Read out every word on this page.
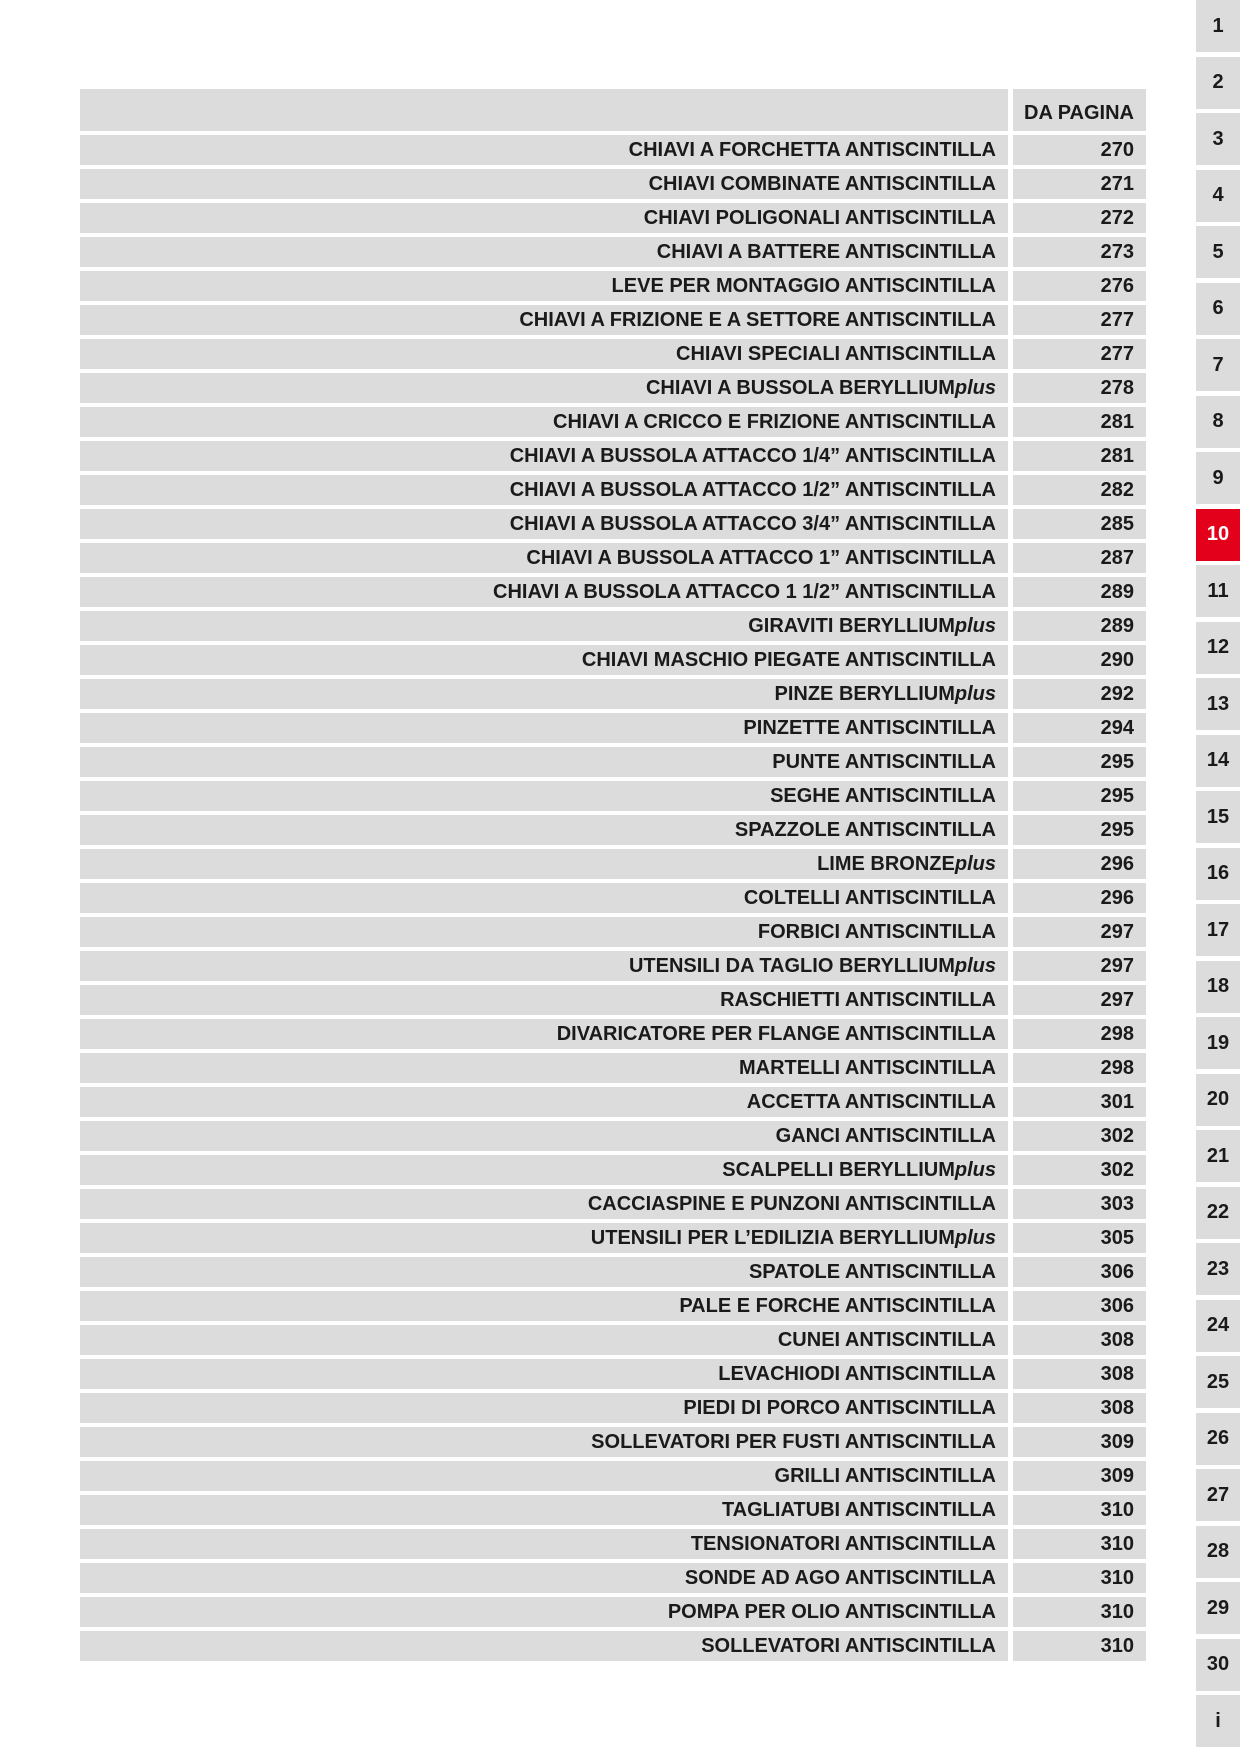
DA PAGINA
CHIAVI A FORCHETTA ANTISCINTILLA	270
CHIAVI COMBINATE ANTISCINTILLA	271
CHIAVI POLIGONALI ANTISCINTILLA	272
CHIAVI A BATTERE ANTISCINTILLA	273
LEVE PER MONTAGGIO ANTISCINTILLA	276
CHIAVI A FRIZIONE E A SETTORE ANTISCINTILLA	277
CHIAVI SPECIALI ANTISCINTILLA	277
CHIAVI A BUSSOLA BERYLLIUM plus	278
CHIAVI A CRICCO E FRIZIONE ANTISCINTILLA	281
CHIAVI A BUSSOLA ATTACCO 1/4” ANTISCINTILLA	281
CHIAVI A BUSSOLA ATTACCO 1/2” ANTISCINTILLA	282
CHIAVI A BUSSOLA ATTACCO 3/4” ANTISCINTILLA	285
CHIAVI A BUSSOLA ATTACCO 1” ANTISCINTILLA	287
CHIAVI A BUSSOLA ATTACCO 1 1/2” ANTISCINTILLA	289
GIRAVITI BERYLLIUM plus	289
CHIAVI MASCHIO PIEGATE ANTISCINTILLA	290
PINZE BERYLLIUM plus	292
PINZETTE ANTISCINTILLA	294
PUNTE ANTISCINTILLA	295
SEGHE ANTISCINTILLA	295
SPAZZOLE ANTISCINTILLA	295
LIME BRONZE plus	296
COLTELLI ANTISCINTILLA	296
FORBICI ANTISCINTILLA	297
UTENSILI DA TAGLIO BERYLLIUM plus	297
RASCHIETTI ANTISCINTILLA	297
DIVARICATORE PER FLANGE ANTISCINTILLA	298
MARTELLI ANTISCINTILLA	298
ACCETTA ANTISCINTILLA	301
GANCI ANTISCINTILLA	302
SCALPELLI BERYLLIUM plus	302
CACCIASPINE E PUNZONI ANTISCINTILLA	303
UTENSILI PER L’EDILIZIA BERYLLIUM plus	305
SPATOLE ANTISCINTILLA	306
PALE E FORCHE ANTISCINTILLA	306
CUNEI ANTISCINTILLA	308
LEVACHIODI ANTISCINTILLA	308
PIEDI DI PORCO ANTISCINTILLA	308
SOLLEVATORI PER FUSTI ANTISCINTILLA	309
GRILLI ANTISCINTILLA	309
TAGLIATUBI ANTISCINTILLA	310
TENSIONATORI ANTISCINTILLA	310
SONDE AD AGO ANTISCINTILLA	310
POMPA PER OLIO ANTISCINTILLA	310
SOLLEVATORI ANTISCINTILLA	310
1
2
3
4
5
6
7
8
9
10
11
12
13
14
15
16
17
18
19
20
21
22
23
24
25
26
27
28
29
30
i
